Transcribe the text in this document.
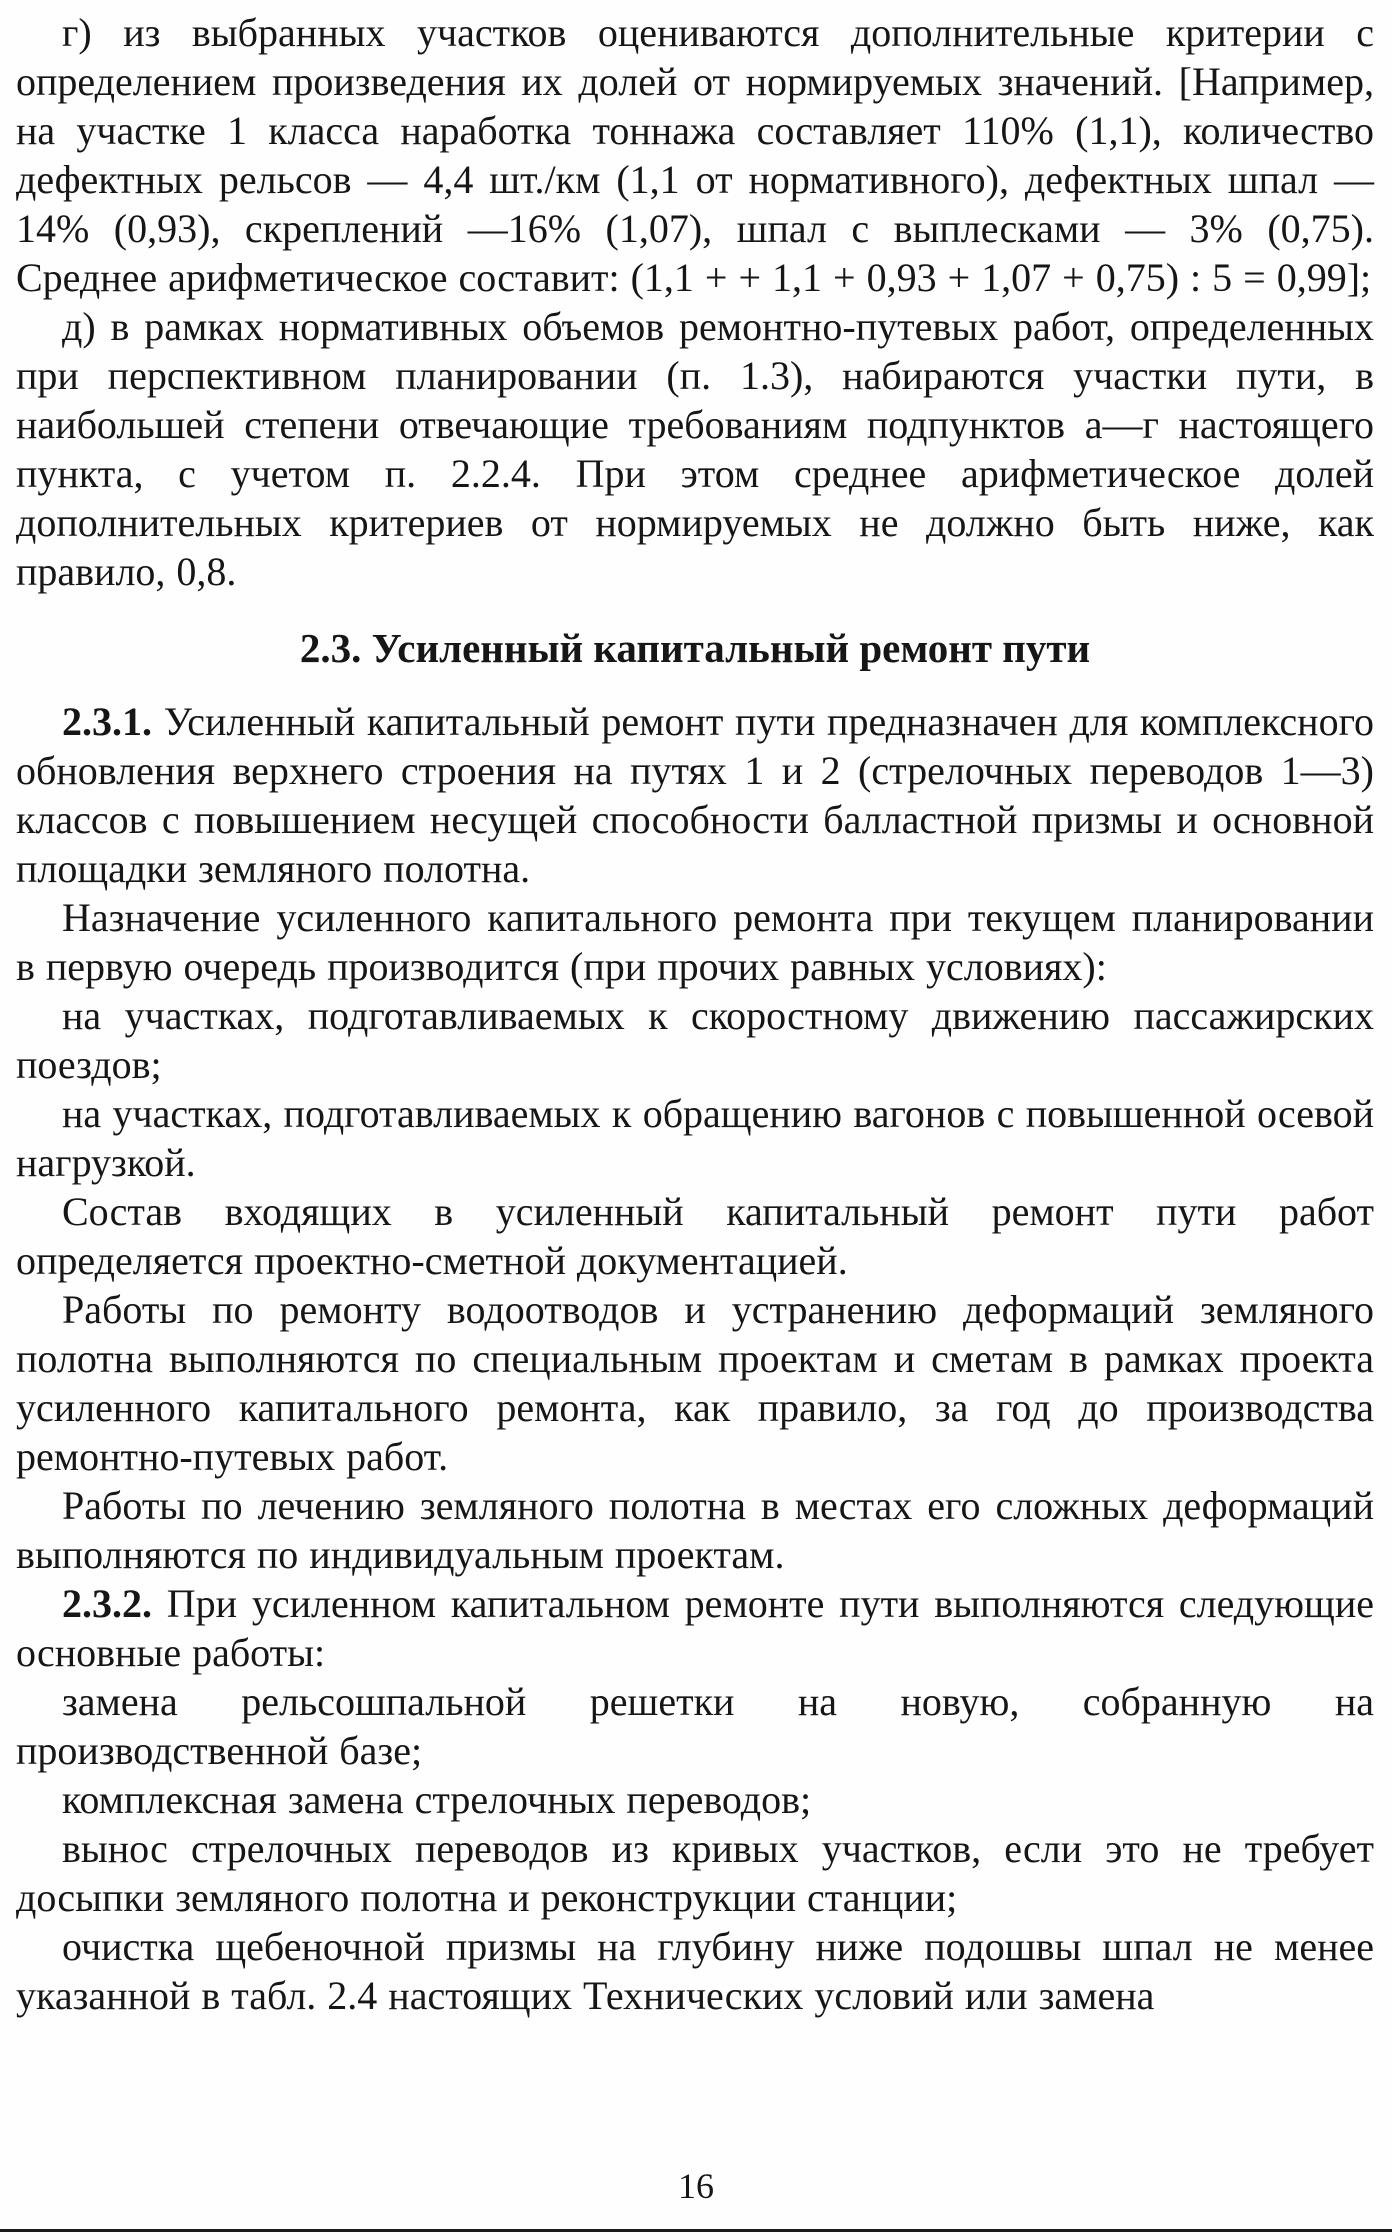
г) из выбранных участков оцениваются дополнительные критерии с определением произведения их долей от нормируемых значений. [Например, на участке 1 класса наработка тоннажа составляет 110% (1,1), количество дефектных рельсов — 4,4 шт./км (1,1 от нормативного), дефектных шпал — 14% (0,93), скреплений —16% (1,07), шпал с выплесками — 3% (0,75). Среднее арифметическое составит: (1,1 + + 1,1 + 0,93 + 1,07 + 0,75) : 5 = 0,99];

д) в рамках нормативных объемов ремонтно-путевых работ, определенных при перспективном планировании (п. 1.3), набираются участки пути, в наибольшей степени отвечающие требованиям подпунктов а—г настоящего пункта, с учетом п. 2.2.4. При этом среднее арифметическое долей дополнительных критериев от нормируемых не должно быть ниже, как правило, 0,8.

2.3. Усиленный капитальный ремонт пути

2.3.1. Усиленный капитальный ремонт пути предназначен для комплексного обновления верхнего строения на путях 1 и 2 (стрелочных переводов 1—3) классов с повышением несущей способности балластной призмы и основной площадки земляного полотна.

Назначение усиленного капитального ремонта при текущем планировании в первую очередь производится (при прочих равных условиях):

на участках, подготавливаемых к скоростному движению пассажирских поездов;

на участках, подготавливаемых к обращению вагонов с повышенной осевой нагрузкой.

Состав входящих в усиленный капитальный ремонт пути работ определяется проектно-сметной документацией.

Работы по ремонту водоотводов и устранению деформаций земляного полотна выполняются по специальным проектам и сметам в рамках проекта усиленного капитального ремонта, как правило, за год до производства ремонтно-путевых работ.

Работы по лечению земляного полотна в местах его сложных деформаций выполняются по индивидуальным проектам.

2.3.2. При усиленном капитальном ремонте пути выполняются следующие основные работы:

замена рельсошпальной решетки на новую, собранную на производственной базе;

комплексная замена стрелочных переводов;

вынос стрелочных переводов из кривых участков, если это не требует досыпки земляного полотна и реконструкции станции;

очистка щебеночной призмы на глубину ниже подошвы шпал не менее указанной в табл. 2.4 настоящих Технических условий или замена

16
